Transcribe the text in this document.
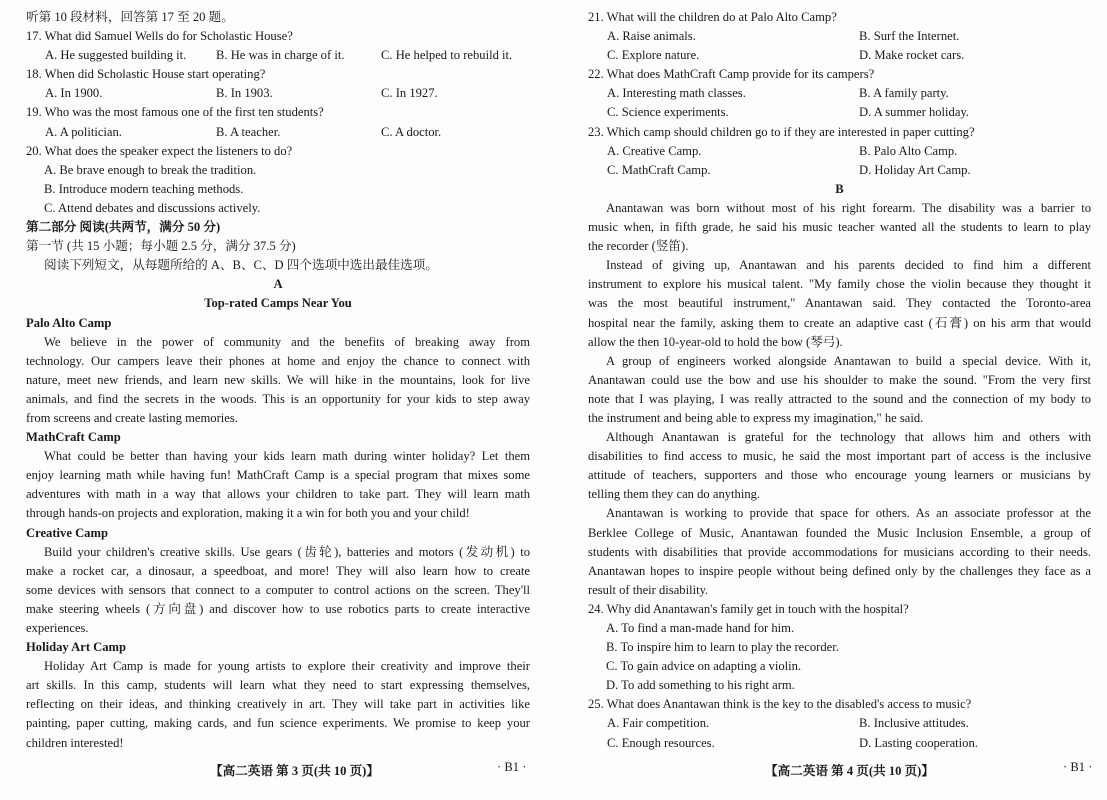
听第 10 段材料，回答第 17 至 20 题。
17. What did Samuel Wells do for Scholastic House?
A. He suggested building it.	B. He was in charge of it.	C. He helped to rebuild it.
18. When did Scholastic House start operating?
A. In 1900.	B. In 1903.	C. In 1927.
19. Who was the most famous one of the first ten students?
A. A politician.	B. A teacher.	C. A doctor.
20. What does the speaker expect the listeners to do?
A. Be brave enough to break the tradition.
B. Introduce modern teaching methods.
C. Attend debates and discussions actively.
第二部分 阅读(共两节，满分 50 分)
第一节 (共 15 小题；每小题 2.5 分，满分 37.5 分)
阅读下列短文，从每题所给的 A、B、C、D 四个选项中选出最佳选项。
A
Top-rated Camps Near You
Palo Alto Camp
We believe in the power of community and the benefits of breaking away from
technology. Our campers leave their phones at home and enjoy the chance to connect with
nature, meet new friends, and learn new skills. We will hike in the mountains, look for live
animals, and find the secrets in the woods. This is an opportunity for your kids to step away
from screens and create lasting memories.
MathCraft Camp
What could be better than having your kids learn math during winter holiday? Let them
enjoy learning math while having fun! MathCraft Camp is a special program that mixes some
adventures with math in a way that allows your children to take part. They will learn math
through hands-on projects and exploration, making it a win for both you and your child!
Creative Camp
Build your children's creative skills. Use gears (齿轮), batteries and motors (发动机) to
make a rocket car, a dinosaur, a speedboat, and more! They will also learn how to create
some devices with sensors that connect to a computer to control actions on the screen. They'll
make steering wheels (方向盘) and discover how to use robotics parts to create interactive
experiences.
Holiday Art Camp
Holiday Art Camp is made for young artists to explore their creativity and improve their
art skills. In this camp, students will learn what they need to start expressing themselves,
reflecting on their ideas, and thinking creatively in art. They will take part in activities like
painting, paper cutting, making cards, and fun science experiments. We promise to keep your
children interested!
21. What will the children do at Palo Alto Camp?
A. Raise animals.	B. Surf the Internet.
C. Explore nature.	D. Make rocket cars.
22. What does MathCraft Camp provide for its campers?
A. Interesting math classes.	B. A family party.
C. Science experiments.	D. A summer holiday.
23. Which camp should children go to if they are interested in paper cutting?
A. Creative Camp.	B. Palo Alto Camp.
C. MathCraft Camp.	D. Holiday Art Camp.
B
Anantawan was born without most of his right forearm. The disability was a barrier to
music when, in fifth grade, he said his music teacher wanted all the students to learn to play
the recorder (竖笛).
Instead of giving up, Anantawan and his parents decided to find him a different
instrument to explore his musical talent. "My family chose the violin because they thought it
was the most beautiful instrument," Anantawan said. They contacted the Toronto-area
hospital near the family, asking them to create an adaptive cast (石膏) on his arm that would
allow the then 10-year-old to hold the bow (琴弓).
A group of engineers worked alongside Anantawan to build a special device. With it,
Anantawan could use the bow and use his shoulder to make the sound. "From the very first
note that I was playing, I was really attracted to the sound and the connection of my body to
the instrument and being able to express my imagination," he said.
Although Anantawan is grateful for the technology that allows him and others with
disabilities to find access to music, he said the most important part of access is the inclusive
attitude of teachers, supporters and those who encourage young learners or musicians by
telling them they can do anything.
Anantawan is working to provide that space for others. As an associate professor at the
Berklee College of Music, Anantawan founded the Music Inclusion Ensemble, a group of
students with disabilities that provide accommodations for musicians according to their needs.
Anantawan hopes to inspire people without being defined only by the challenges they face as a
result of their disability.
24. Why did Anantawan's family get in touch with the hospital?
A. To find a man-made hand for him.
B. To inspire him to learn to play the recorder.
C. To gain advice on adapting a violin.
D. To add something to his right arm.
25. What does Anantawan think is the key to the disabled's access to music?
A. Fair competition.	B. Inclusive attitudes.
C. Enough resources.	D. Lasting cooperation.
【高二英语 第 3 页(共 10 页)】	· B1 ·	【高二英语 第 4 页(共 10 页)】	· B1 ·
